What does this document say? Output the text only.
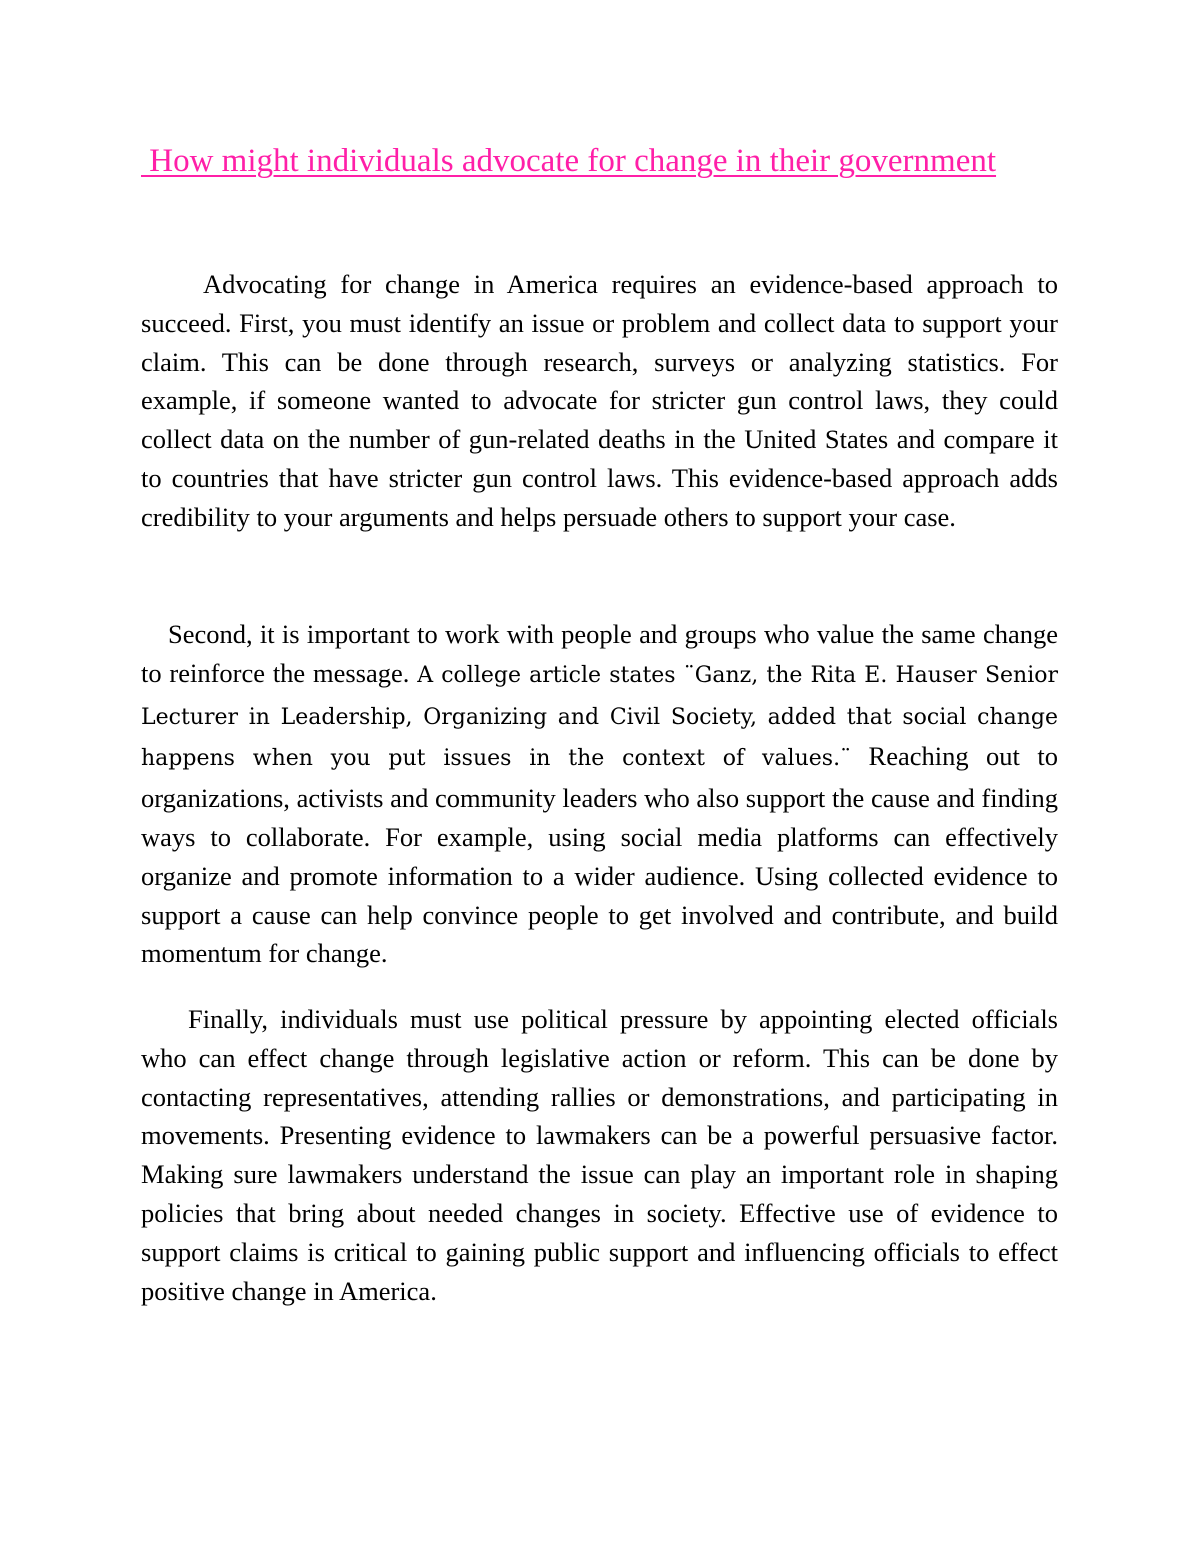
How might individuals advocate for change in their government

Advocating for change in America requires an evidence-based approach to succeed. First, you must identify an issue or problem and collect data to support your claim. This can be done through research, surveys or analyzing statistics. For example, if someone wanted to advocate for stricter gun control laws, they could collect data on the number of gun-related deaths in the United States and compare it to countries that have stricter gun control laws. This evidence-based approach adds credibility to your arguments and helps persuade others to support your case.

Second, it is important to work with people and groups who value the same change to reinforce the message. A college article states ¨Ganz, the Rita E. Hauser Senior Lecturer in Leadership, Organizing and Civil Society, added that social change happens when you put issues in the context of values.¨ Reaching out to organizations, activists and community leaders who also support the cause and finding ways to collaborate. For example, using social media platforms can effectively organize and promote information to a wider audience. Using collected evidence to support a cause can help convince people to get involved and contribute, and build momentum for change.

Finally, individuals must use political pressure by appointing elected officials who can effect change through legislative action or reform. This can be done by contacting representatives, attending rallies or demonstrations, and participating in movements. Presenting evidence to lawmakers can be a powerful persuasive factor. Making sure lawmakers understand the issue can play an important role in shaping policies that bring about needed changes in society. Effective use of evidence to support claims is critical to gaining public support and influencing officials to effect positive change in America.
